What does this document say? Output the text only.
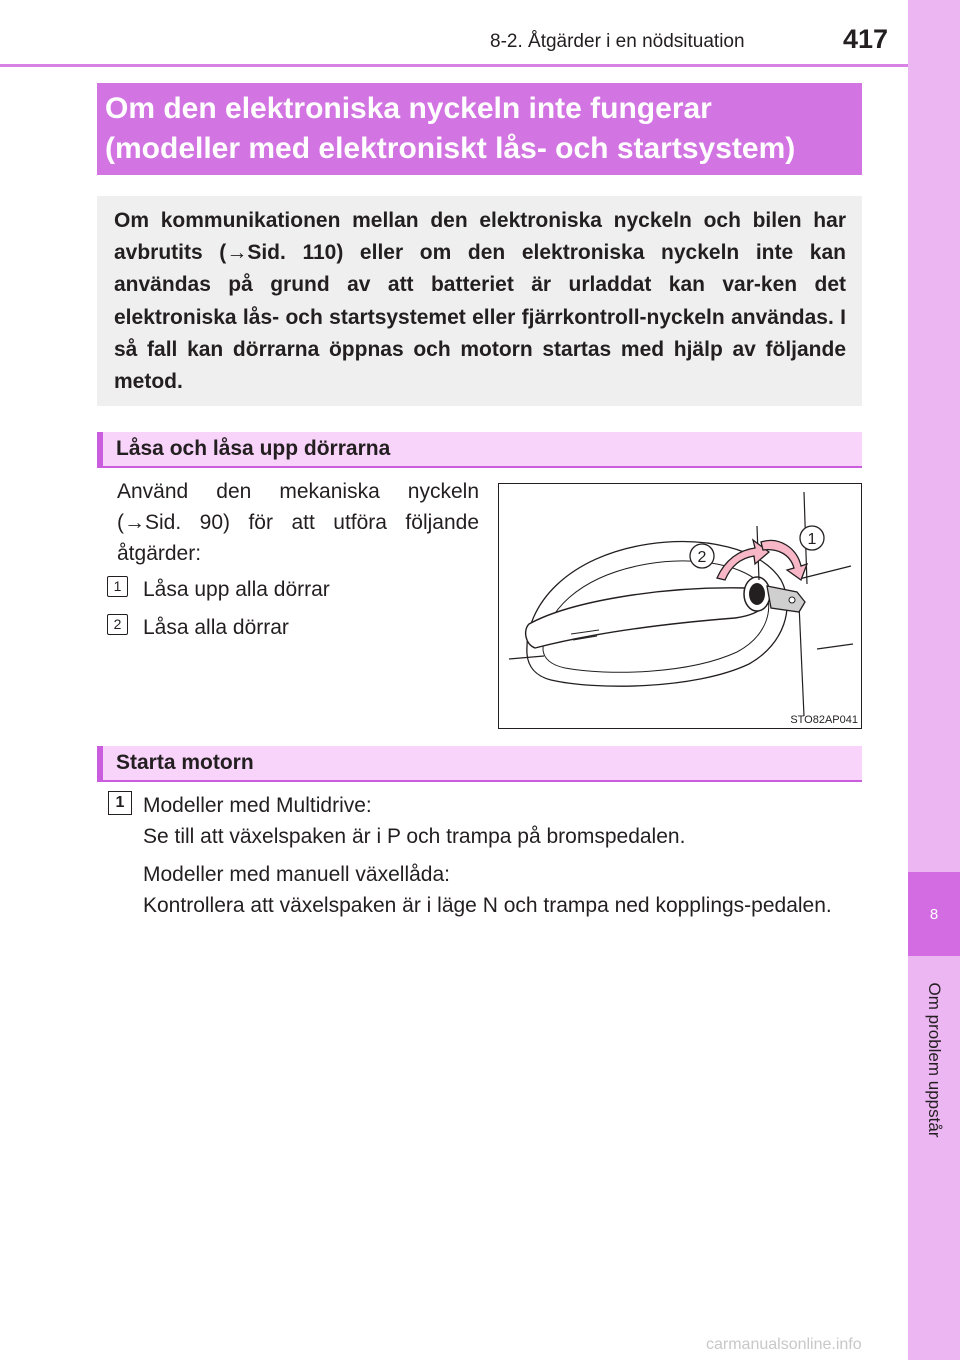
8-2. Åtgärder i en nödsituation	417
8
Om problem uppstår
Om den elektroniska nyckeln inte fungerar
(modeller med elektroniskt lås- och startsystem)
Om kommunikationen mellan den elektroniska nyckeln och bilen har avbrutits (→Sid. 110) eller om den elektroniska nyckeln inte kan användas på grund av att batteriet är urladdat kan var-ken det elektroniska lås- och startsystemet eller fjärrkontroll-nyckeln användas. I så fall kan dörrarna öppnas och motorn startas med hjälp av följande metod.
Låsa och låsa upp dörrarna
Använd den mekaniska nyckeln (→Sid. 90) för att utföra följande åtgärder:
1	Låsa upp alla dörrar
2	Låsa alla dörrar
1
2
STO82AP041
Starta motorn
1 Modeller med Multidrive:
Se till att växelspaken är i P och trampa på bromspedalen.
Modeller med manuell växellåda:
Kontrollera att växelspaken är i läge N och trampa ned kopplings-pedalen.
carmanualsonline.info
